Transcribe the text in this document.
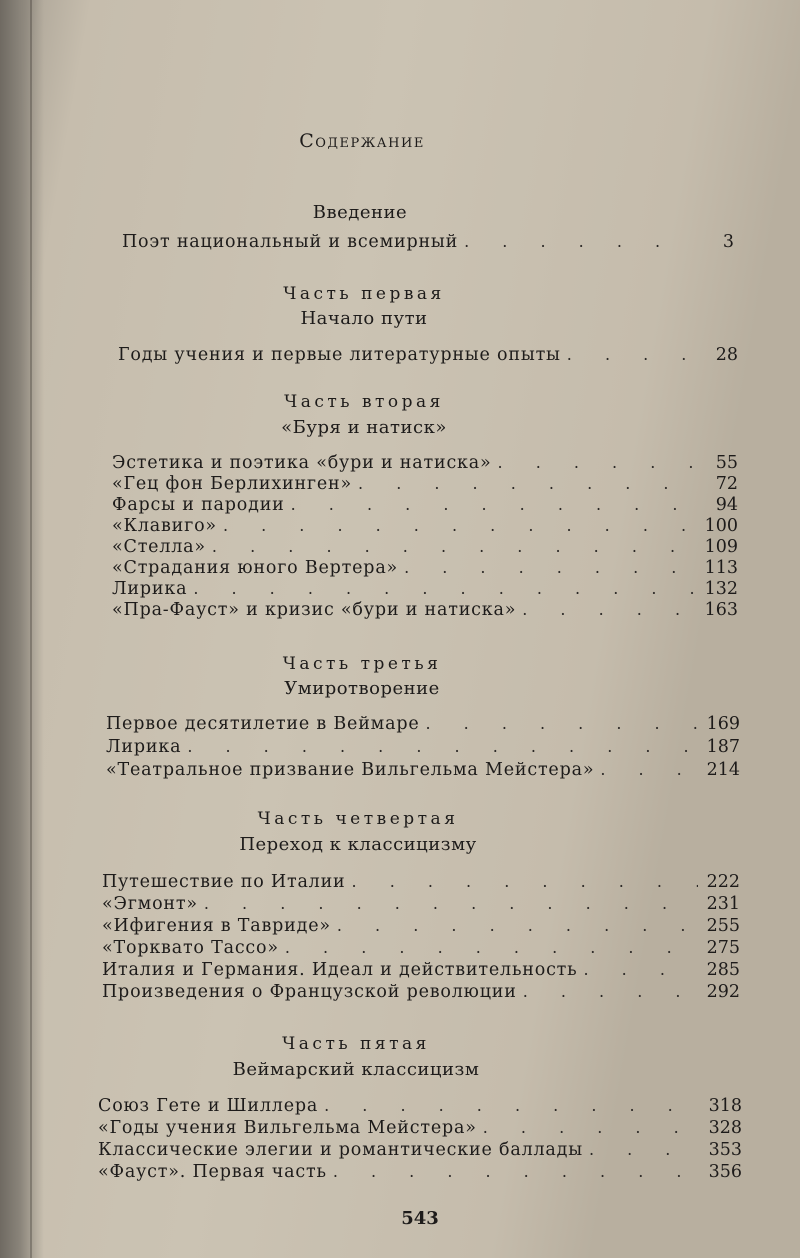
Содержание
Введение
Поэт национальный и всемирный . . .	3
Часть первая
Начало пути
Годы учения и первые литературные опыты . . .	28
Часть вторая
«Буря и натиск»
Эстетика и поэтика «бури и натиска» . . .	55
«Гец фон Берлихинген» . . .	72
Фарсы и пародии . . .	94
«Клавиго» . . .	100
«Стелла» . . .	109
«Страдания юного Вертера» . . .	113
Лирика . . .	132
«Пра-Фауст» и кризис «бури и натиска» . . .	163
Часть третья
Умиротворение
Первое десятилетие в Веймаре . . .	169
Лирика . . .	187
«Театральное призвание Вильгельма Мейстера» . . .	214
Часть четвертая
Переход к классицизму
Путешествие по Италии . . .	222
«Эгмонт» . . .	231
«Ифигения в Тавриде» . . .	255
«Торквато Тассо» . . .	275
Италия и Германия. Идеал и действительность . . .	285
Произведения о Французской революции . . .	292
Часть пятая
Веймарский классицизм
Союз Гете и Шиллера . . .	318
«Годы учения Вильгельма Мейстера» . . .	328
Классические элегии и романтические баллады . . .	353
«Фауст». Первая часть . . .	356
543
